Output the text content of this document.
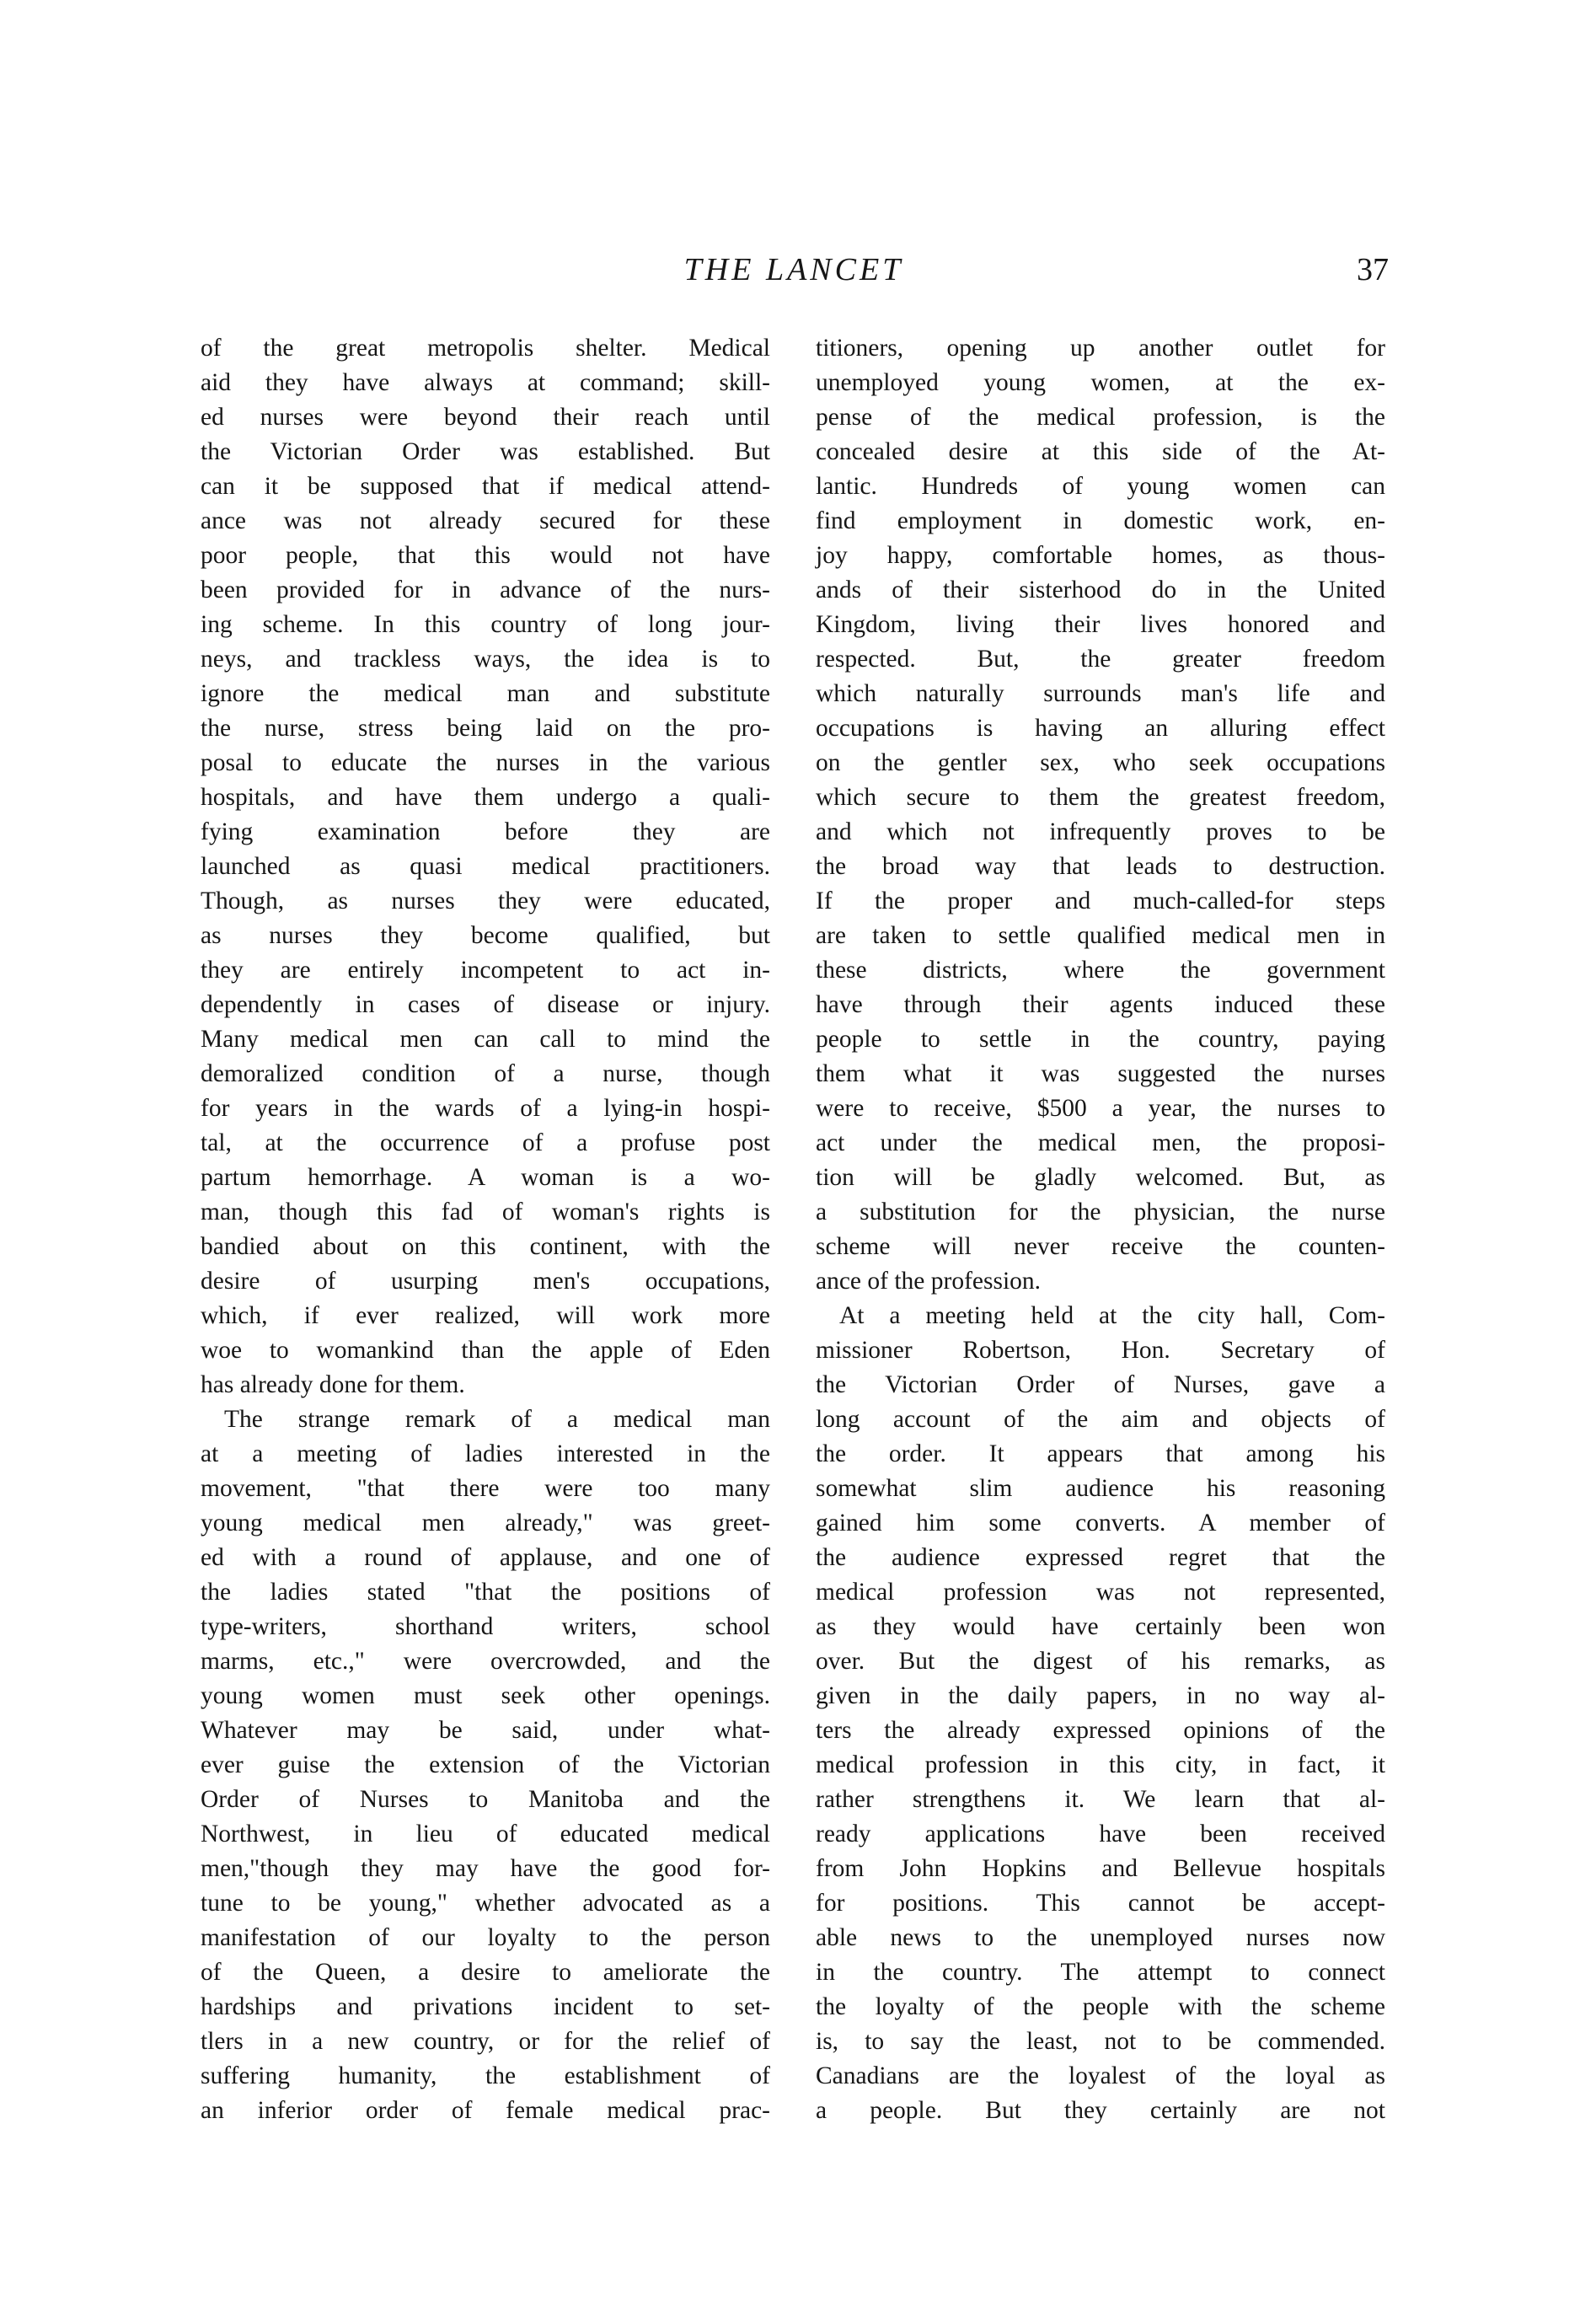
THE LANCET	37
of the great metropolis shelter. Medical
aid they have always at command; skill-
ed nurses were beyond their reach until
the Victorian Order was established. But
can it be supposed that if medical attend-
ance was not already secured for these
poor people, that this would not have
been provided for in advance of the nurs-
ing scheme. In this country of long jour-
neys, and trackless ways, the idea is to
ignore the medical man and substitute
the nurse, stress being laid on the pro-
posal to educate the nurses in the various
hospitals, and have them undergo a quali-
fying examination before they are
launched as quasi medical practitioners.
Though, as nurses they were educated,
as nurses they become qualified, but
they are entirely incompetent to act in-
dependently in cases of disease or injury.
Many medical men can call to mind the
demoralized condition of a nurse, though
for years in the wards of a lying-in hospi-
tal, at the occurrence of a profuse post
partum hemorrhage. A woman is a wo-
man, though this fad of woman's rights is
bandied about on this continent, with the
desire of usurping men's occupations,
which, if ever realized, will work more
woe to womankind than the apple of Eden
has already done for them.
The strange remark of a medical man
at a meeting of ladies interested in the
movement, "that there were too many
young medical men already," was greet-
ed with a round of applause, and one of
the ladies stated "that the positions of
type-writers, shorthand writers, school
marms, etc.," were overcrowded, and the
young women must seek other openings.
Whatever may be said, under what-
ever guise the extension of the Victorian
Order of Nurses to Manitoba and the
Northwest, in lieu of educated medical
men,"though they may have the good for-
tune to be young," whether advocated as a
manifestation of our loyalty to the person
of the Queen, a desire to ameliorate the
hardships and privations incident to set-
tlers in a new country, or for the relief of
suffering humanity, the establishment of
an inferior order of female medical prac-
titioners, opening up another outlet for
unemployed young women, at the ex-
pense of the medical profession, is the
concealed desire at this side of the At-
lantic. Hundreds of young women can
find employment in domestic work, en-
joy happy, comfortable homes, as thous-
ands of their sisterhood do in the United
Kingdom, living their lives honored and
respected. But, the greater freedom
which naturally surrounds man's life and
occupations is having an alluring effect
on the gentler sex, who seek occupations
which secure to them the greatest freedom,
and which not infrequently proves to be
the broad way that leads to destruction.
If the proper and much-called-for steps
are taken to settle qualified medical men in
these districts, where the government
have through their agents induced these
people to settle in the country, paying
them what it was suggested the nurses
were to receive, $500 a year, the nurses to
act under the medical men, the proposi-
tion will be gladly welcomed. But, as
a substitution for the physician, the nurse
scheme will never receive the counten-
ance of the profession.
At a meeting held at the city hall, Com-
missioner Robertson, Hon. Secretary of
the Victorian Order of Nurses, gave a
long account of the aim and objects of
the order. It appears that among his
somewhat slim audience his reasoning
gained him some converts. A member of
the audience expressed regret that the
medical profession was not represented,
as they would have certainly been won
over. But the digest of his remarks, as
given in the daily papers, in no way al-
ters the already expressed opinions of the
medical profession in this city, in fact, it
rather strengthens it. We learn that al-
ready applications have been received
from John Hopkins and Bellevue hospitals
for positions. This cannot be accept-
able news to the unemployed nurses now
in the country. The attempt to connect
the loyalty of the people with the scheme
is, to say the least, not to be commended.
Canadians are the loyalest of the loyal as
a people. But they certainly are not
